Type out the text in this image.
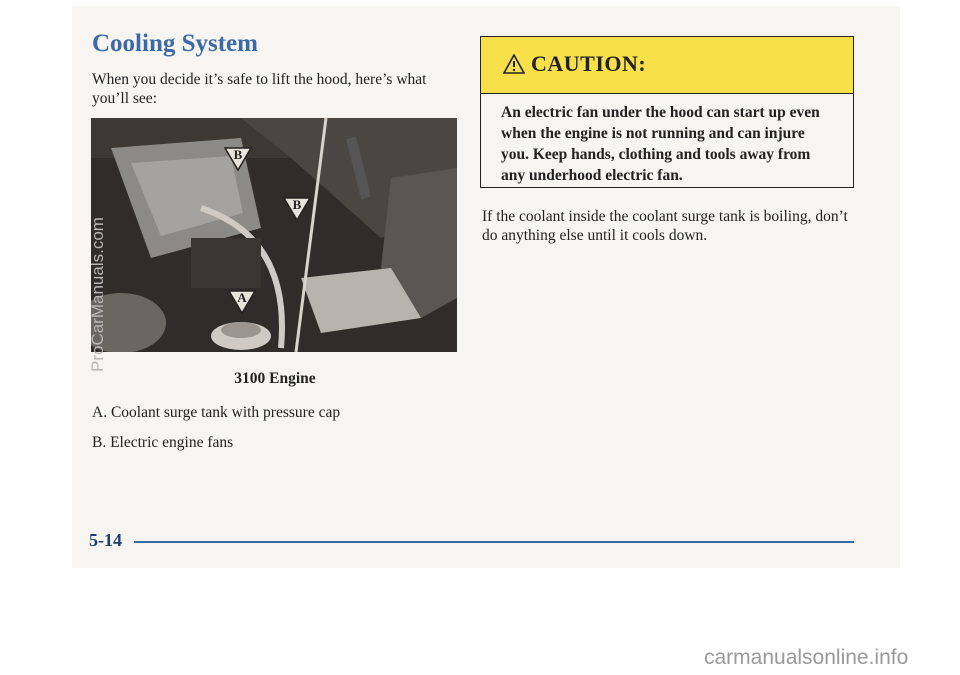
Cooling System

When you decide it’s safe to lift the hood, here’s what you’ll see:

B
B
A

3100 Engine

A. Coolant surge tank with pressure cap
B. Electric engine fans
CAUTION:
An electric fan under the hood can start up even when the engine is not running and can injure you. Keep hands, clothing and tools away from any underhood electric fan.

If the coolant inside the coolant surge tank is boiling, don’t do anything else until it cools down.

5-14
ProCarManuals.com
carmanualsonline.info
